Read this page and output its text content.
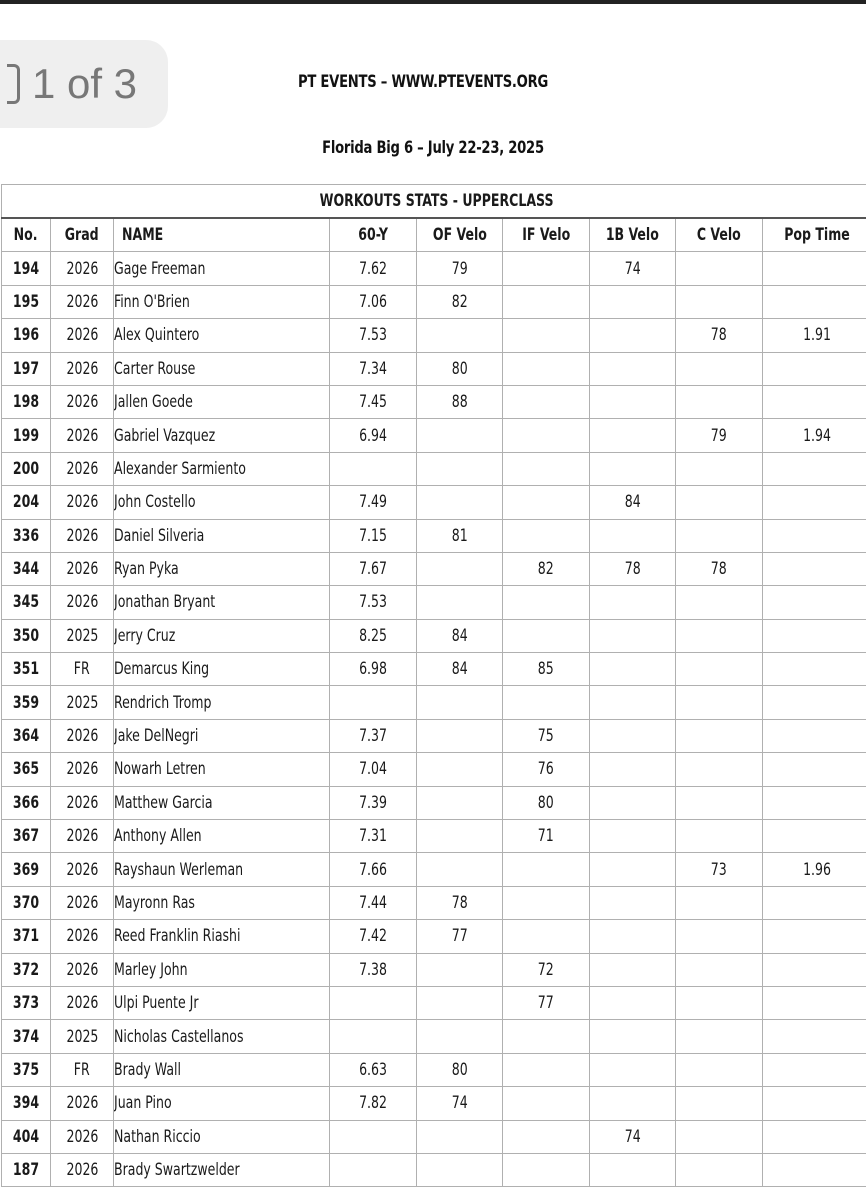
1 of 3	PT EVENTS – WWW.PTEVENTS.ORG
Florida Big 6 – July 22-23, 2025
WORKOUTS STATS - UPPERCLASS								
No.	Grad	NAME	60-Y	OF Velo	IF Velo	1B Velo	C Velo	Pop Time
194	2026	Gage Freeman	7.62	79		74		
195	2026	Finn O'Brien	7.06	82				
196	2026	Alex Quintero	7.53				78	1.91
197	2026	Carter Rouse	7.34	80				
198	2026	Jallen Goede	7.45	88				
199	2026	Gabriel Vazquez	6.94				79	1.94
200	2026	Alexander Sarmiento						
204	2026	John Costello	7.49			84		
336	2026	Daniel Silveria	7.15	81				
344	2026	Ryan Pyka	7.67		82	78	78	
345	2026	Jonathan Bryant	7.53					
350	2025	Jerry Cruz	8.25	84				
351	FR	Demarcus King	6.98	84	85			
359	2025	Rendrich Tromp						
364	2026	Jake DelNegri	7.37		75			
365	2026	Nowarh Letren	7.04		76			
366	2026	Matthew Garcia	7.39		80			
367	2026	Anthony Allen	7.31		71			
369	2026	Rayshaun Werleman	7.66				73	1.96
370	2026	Mayronn Ras	7.44	78				
371	2026	Reed Franklin Riashi	7.42	77				
372	2026	Marley John	7.38		72			
373	2026	Ulpi Puente Jr			77			
374	2025	Nicholas Castellanos						
375	FR	Brady Wall	6.63	80				
394	2026	Juan Pino	7.82	74				
404	2026	Nathan Riccio				74		
187	2026	Brady Swartzwelder						
